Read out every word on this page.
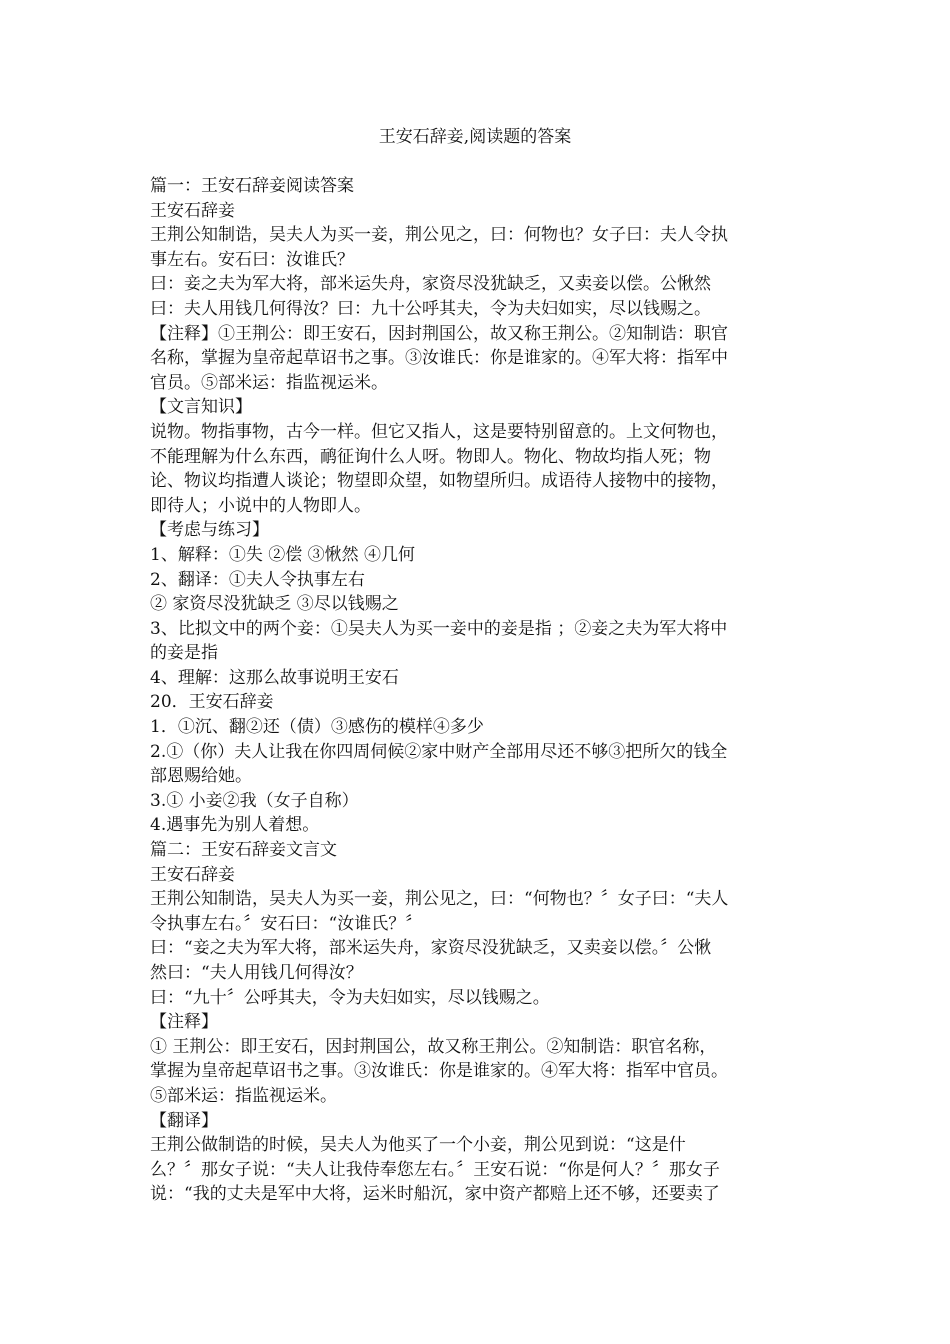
王安石辞妾,阅读题的答案
篇一：王安石辞妾阅读答案
王安石辞妾
王荆公知制诰，吴夫人为买一妾，荆公见之，曰：何物也？女子曰：夫人令执
事左右。安石曰：汝谁氏？
曰：妾之夫为军大将，部米运失舟，家资尽没犹缺乏，又卖妾以偿。公愀然
曰：夫人用钱几何得汝？曰：九十公呼其夫，令为夫妇如实，尽以钱赐之。
【注释】①王荆公：即王安石，因封荆国公，故又称王荆公。②知制诰：职官
名称，掌握为皇帝起草诏书之事。③汝谁氏：你是谁家的。④军大将：指军中
官员。⑤部米运：指监视运米。
【文言知识】
说物。物指事物，古今一样。但它又指人，这是要特别留意的。上文何物也，
不能理解为什么东西，鸸征询什么人呀。物即人。物化、物故均指人死；物
论、物议均指遭人谈论；物望即众望，如物望所归。成语待人接物中的接物，
即待人；小说中的人物即人。
【考虑与练习】
1、解释：①失 ②偿 ③愀然 ④几何
2、翻译：①夫人令执事左右
② 家资尽没犹缺乏 ③尽以钱赐之
3、比拟文中的两个妾：①吴夫人为买一妾中的妾是指 ；②妾之夫为军大将中
的妾是指
4、理解：这那么故事说明王安石
20．王安石辞妾
1．①沉、翻②还（债）③感伤的模样④多少
2.①（你）夫人让我在你四周伺候②家中财产全部用尽还不够③把所欠的钱全
部恩赐给她。
3.① 小妾②我（女子自称）
4.遇事先为别人着想。
篇二：王安石辞妾文言文
王安石辞妾
王荆公知制诰，吴夫人为买一妾，荆公见之，曰：“何物也？〞女子曰：“夫人
令执事左右。〞安石曰：“汝谁氏？〞
曰：“妾之夫为军大将，部米运失舟，家资尽没犹缺乏，又卖妾以偿。〞公愀
然曰：“夫人用钱几何得汝？
曰：“九十〞公呼其夫，令为夫妇如实，尽以钱赐之。
【注释】
① 王荆公：即王安石，因封荆国公，故又称王荆公。②知制诰：职官名称，
掌握为皇帝起草诏书之事。③汝谁氏：你是谁家的。④军大将：指军中官员。
⑤部米运：指监视运米。
【翻译】
王荆公做制诰的时候，吴夫人为他买了一个小妾，荆公见到说：“这是什
么？〞那女子说：“夫人让我侍奉您左右。〞王安石说：“你是何人？〞那女子
说：“我的丈夫是军中大将，运米时船沉，家中资产都赔上还不够，还要卖了
